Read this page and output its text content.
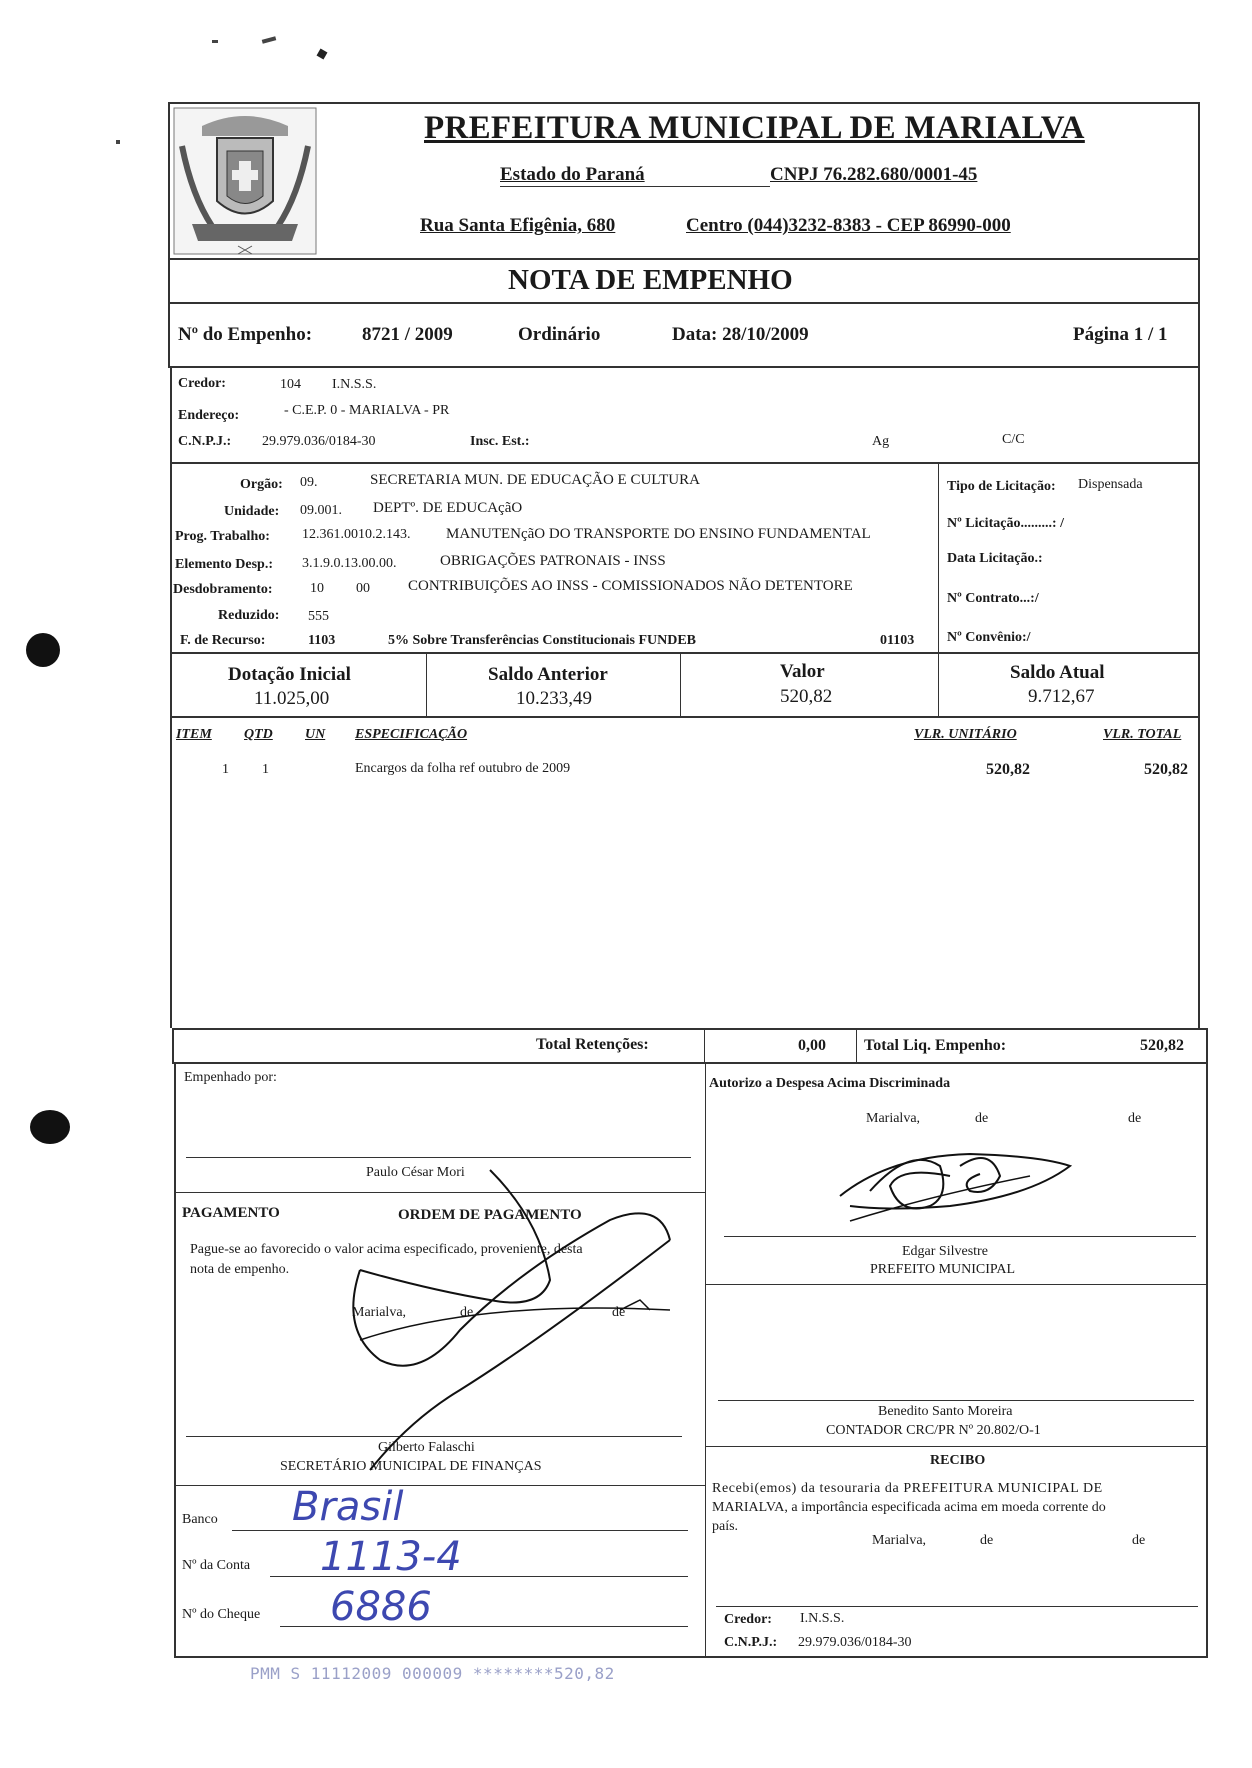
PREFEITURA MUNICIPAL DE MARIALVA
Estado do Paraná	CNPJ 76.282.680/0001-45
Rua Santa Efigênia, 680	Centro (044)3232-8383 - CEP 86990-000
NOTA DE EMPENHO
Nº do Empenho:	8721 / 2009	Ordinário	Data: 28/10/2009	Página 1 / 1
Credor:	104 I.N.S.S.
Endereço:	- C.E.P. 0 - MARIALVA - PR
C.N.P.J.: 29.979.036/0184-30	Insc. Est.:	Ag	C/C
Orgão: 09.	SECRETARIA MUN. DE EDUCAÇÃO E CULTURA
Unidade: 09.001. DEPTº. DE EDUCAçãO
Prog. Trabalho: 12.361.0010.2.143. MANUTENçãO DO TRANSPORTE DO ENSINO FUNDAMENTAL
Elemento Desp.: 3.1.9.0.13.00.00.	OBRIGAÇÕES PATRONAIS - INSS
Desdobramento:	10 00	CONTRIBUIÇÕES AO INSS - COMISSIONADOS NÃO DETENTORE
Reduzido: 555
F. de Recurso:	1103	5% Sobre Transferências Constitucionais FUNDEB	01103
Tipo de Licitação: Dispensada
Nº Licitação.........: /
Data Licitação.:
Nº Contrato...:/
Nº Convênio:/
Dotação Inicial
11.025,00
Saldo Anterior
10.233,49
Valor
520,82
Saldo Atual
9.712,67
ITEM QTD UN ESPECIFICAÇÃO	VLR. UNITÁRIO	VLR. TOTAL
1 1	Encargos da folha ref outubro de 2009	520,82	520,82
Total Retenções:	0,00 Total Liq. Empenho:	520,82
Empenhado por:
Paulo César Mori
PAGAMENTO	ORDEM DE PAGAMENTO
Pague-se ao favorecido o valor acima especificado, proveniente, desta
nota de empenho.
Marialva,	de	de
Gilberto Falaschi
SECRETÁRIO MUNICIPAL DE FINANÇAS
Banco Brasil
Nº da Conta 1113-4
Nº do Cheque 6886
Autorizo a Despesa Acima Discriminada
Marialva,	de	de
Edgar Silvestre
PREFEITO MUNICIPAL
Benedito Santo Moreira
CONTADOR CRC/PR Nº 20.802/O-1
RECIBO
Recebi(emos) da tesouraria da PREFEITURA MUNICIPAL DE
MARIALVA, a importância especificada acima em moeda corrente do
país.
Marialva,	de	de
Credor: I.N.S.S.
C.N.P.J.: 29.979.036/0184-30
PMM S 11112009 000009 ********520,82
